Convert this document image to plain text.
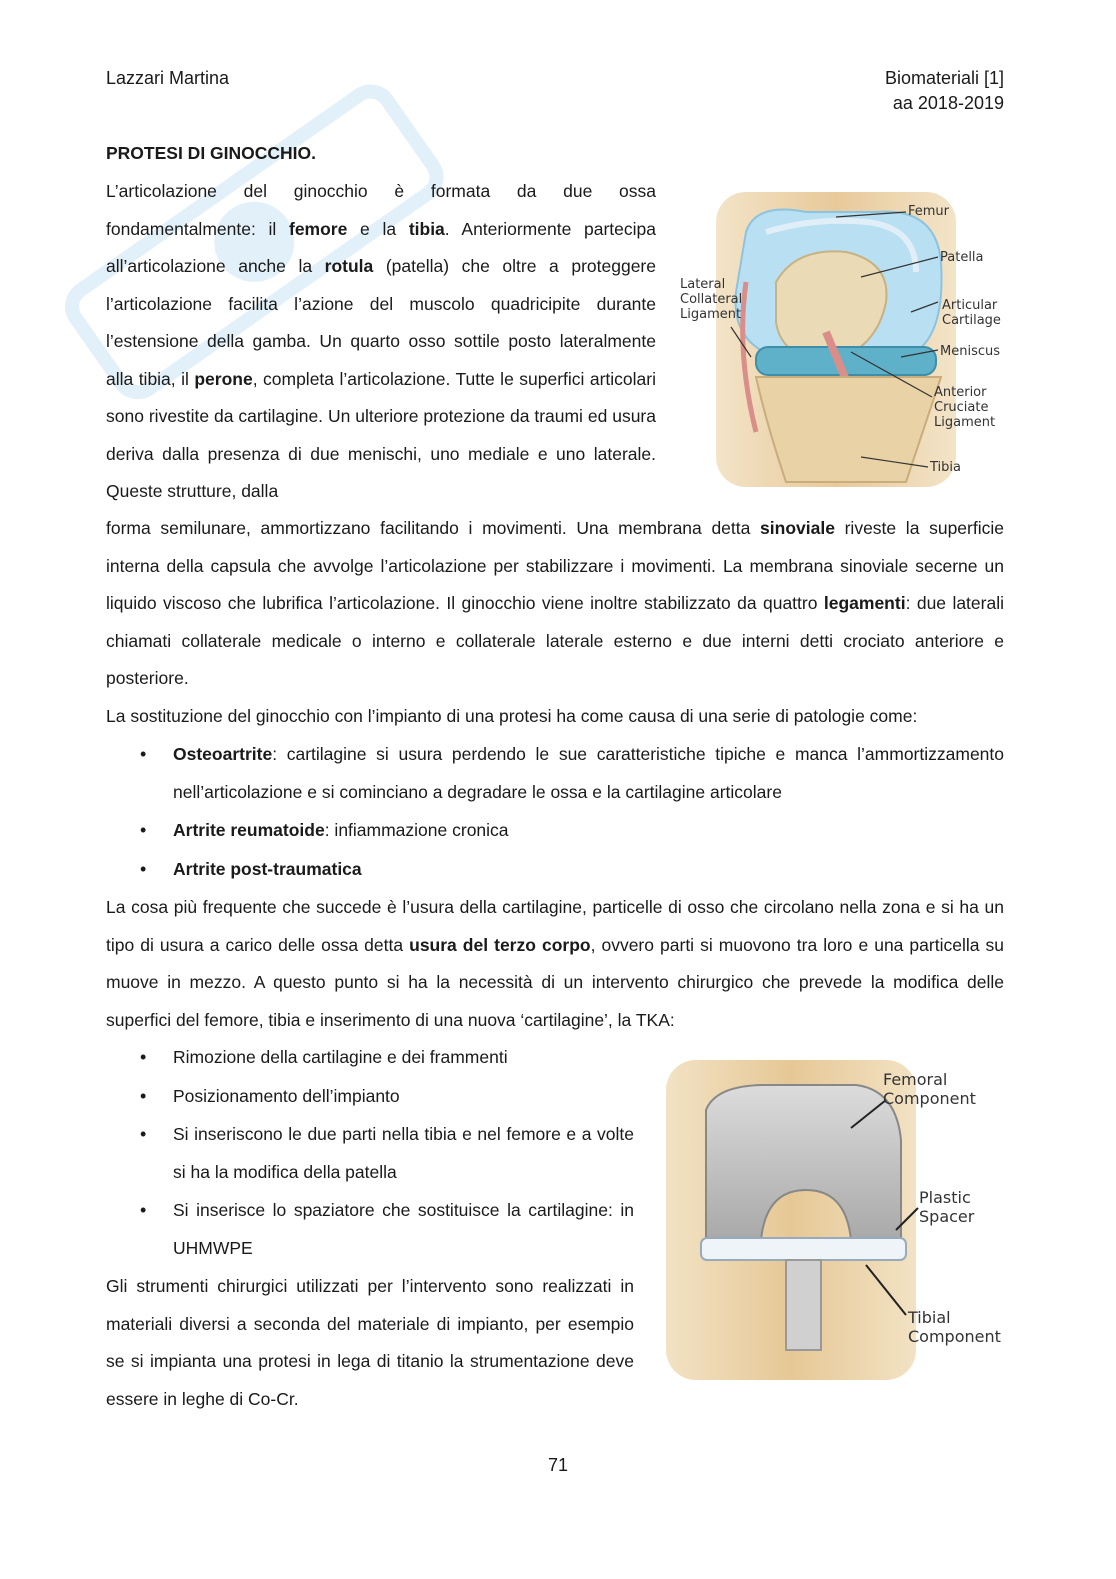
Lazzari Martina	Biomateriali [1]
aa 2018-2019
PROTESI DI GINOCCHIO.

L’articolazione del ginocchio è formata da due ossa fondamentalmente: il femore e la tibia. Anteriormente partecipa all’articolazione anche la rotula (patella) che oltre a proteggere l’articolazione facilita l’azione del muscolo quadricipite durante l’estensione della gamba. Un quarto osso sottile posto lateralmente alla tibia, il perone, completa l’articolazione. Tutte le superfici articolari sono rivestite da cartilagine. Un ulteriore protezione da traumi ed usura deriva dalla presenza di due menischi, uno mediale e uno laterale. Queste strutture, dalla

forma semilunare, ammortizzano facilitando i movimenti. Una membrana detta sinoviale riveste la superficie interna della capsula che avvolge l’articolazione per stabilizzare i movimenti. La membrana sinoviale secerne un liquido viscoso che lubrifica l’articolazione. Il ginocchio viene inoltre stabilizzato da quattro legamenti: due laterali chiamati collaterale medicale o interno e collaterale laterale esterno e due interni detti crociato anteriore e posteriore.

La sostituzione del ginocchio con l’impianto di una protesi ha come causa di una serie di patologie come:

• Osteoartrite: cartilagine si usura perdendo le sue caratteristiche tipiche e manca l’ammortizzamento nell’articolazione e si cominciano a degradare le ossa e la cartilagine articolare
• Artrite reumatoide: infiammazione cronica
• Artrite post-traumatica

La cosa più frequente che succede è l’usura della cartilagine, particelle di osso che circolano nella zona e si ha un tipo di usura a carico delle ossa detta usura del terzo corpo, ovvero parti si muovono tra loro e una particella su muove in mezzo. A questo punto si ha la necessità di un intervento chirurgico che prevede la modifica delle superfici del femore, tibia e inserimento di una nuova ‘cartilagine’, la TKA:

• Rimozione della cartilagine e dei frammenti
• Posizionamento dell’impianto
• Si inseriscono le due parti nella tibia e nel femore e a volte si ha la modifica della patella
• Si inserisce lo spaziatore che sostituisce la cartilagine: in UHMWPE

Gli strumenti chirurgici utilizzati per l’intervento sono realizzati in materiali diversi a seconda del materiale di impianto, per esempio se si impianta una protesi in lega di titanio la strumentazione deve essere in leghe di Co-Cr.

Femur
Patella
Lateral
Collateral
Ligament
Articular
Cartilage
Meniscus
Anterior
Cruciate
Ligament
Tibia
Femoral
Component
Plastic
Spacer
Tibial
Component
71
